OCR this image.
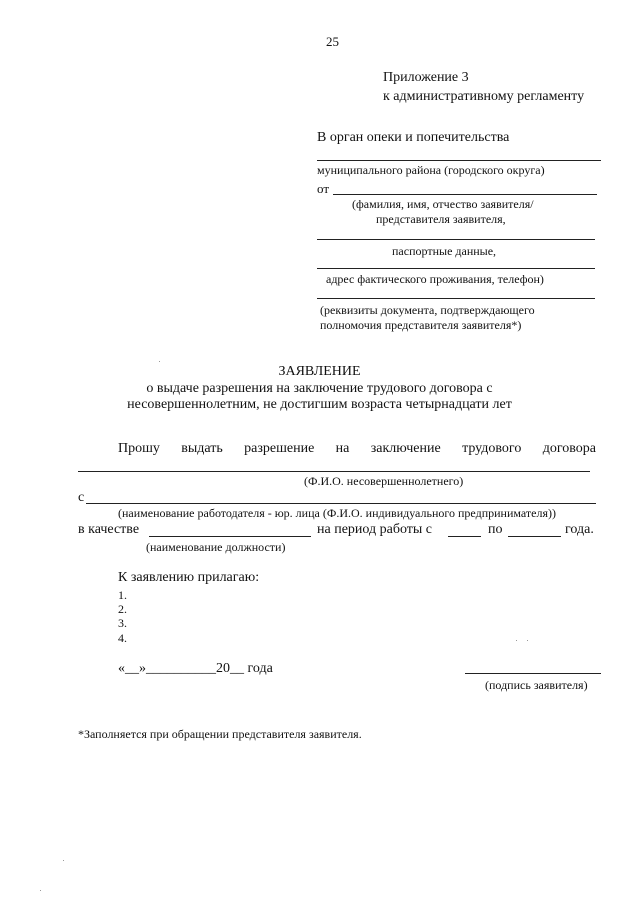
25
Приложение 3
к административному регламенту
В орган опеки и попечительства
муниципального района (городского округа)
от
(фамилия, имя, отчество заявителя/
представителя заявителя,
паспортные данные,
адрес фактического проживания, телефон)
(реквизиты документа, подтверждающего
полномочия представителя заявителя*)
ЗАЯВЛЕНИЕ
о выдаче разрешения на заключение трудового договора с
несовершеннолетним, не достигшим возраста четырнадцати лет
Прошу выдать разрешение на заключение трудового договора
(Ф.И.О. несовершеннолетнего)
с
(наименование работодателя - юр. лица (Ф.И.О. индивидуального предпринимателя))
в качестве	на период работы с	по	года.
(наименование должности)
К заявлению прилагаю:
1.
2.
3.
4.
«__»__________20__ года
(подпись заявителя)
*Заполняется при обращении представителя заявителя.
